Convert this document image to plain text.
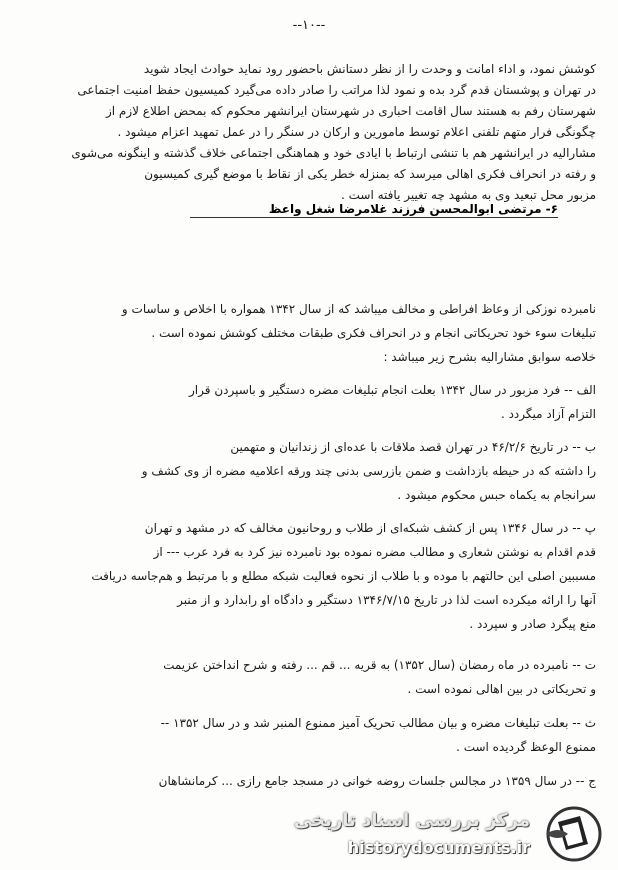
--۱۰--
کوشش نمود، و اداء امانت و وحدت را از نظر دستانش باحضور رود نماید حوادث ایجاد شوید
در تهران و پوشستان قدم گرد بده و نمود لذا مراتب را صادر داده می‌گیرد کمیسیون حفظ امنیت اجتماعی
شهرستان رفم به هستند سال اقامت احباری در شهرستان ایرانشهر محکوم که بمحض اطلاع لازم از
چگونگی فرار متهم تلفنی اعلام توسط مامورین و ارکان در سنگر را در عمل تمهید اعزام میشود .
مشارالیه در ایرانشهر هم با تنشی ارتباط با ایادی خود و هماهنگی اجتماعی خلاف گذشته و اینگونه می‌شوی
و رفته در انحراف فکری اهالی میرسد که بمنزله خطر یکی از نقاط با موضع گیری کمیسیون
مزبور محل تبعید وی به مشهد چه تغییر یافته است .
نامبرده نوزکی از وعاظ افراطی و مخالف میباشد که از سال ۱۳۴۲ همواره با اخلاص و ساسات و
تبلیغات سوء خود تحریکاتی انجام و در انحراف فکری طبقات مختلف کوشش نموده است .
خلاصه سوابق مشارالیه بشرح زیر میباشد :
الف -- فرد مزبور در سال ۱۳۴۲ بعلت انجام تبلیغات مضره دستگیر و باسپردن قرار
التزام آزاد میگردد .
ب -- در تاریخ ۴۶/۲/۶ در تهران قصد ملاقات با عده‌ای از زندانیان و متهمین
را داشته که در حیطه بازداشت و ضمن بازرسی بدنی چند ورقه اعلامیه مضره از وی کشف و
سرانجام به یکماه حبس محکوم میشود .
پ -- در سال ۱۳۴۶ پس از کشف شبکه‌ای از طلاب و روحانیون مخالف که در مشهد و تهران
قدم اقدام به نوشتن شعاری و مطالب مضره نموده بود نامبرده نیز کرد به فرد عرب --- از
مسببین اصلی این حالتهم با موده و با طلاب از نحوه فعالیت شبکه مطلع و با مرتبط و هم‌جاسه دریافت
آنها را ارائه میکرده است لذا در تاریخ ۱۳۴۶/۷/۱۵ دستگیر و دادگاه او رابدارد و از منبر
منع پیگرد صادر و سپردد .
ت -- نامبرده در ماه رمضان (سال ۱۳۵۲) به قریه ... قم ... رفته و شرح انداختن عزیمت
و تحریکاتی در بین اهالی نموده است .
ث -- بعلت تبلیغات مضره و بیان مطالب تحریک آمیز ممنوع المنبر شد و در سال ۱۳۵۲ --
ممنوع الوعظ گردیده است .
ج -- در سال ۱۳۵۹ در مجالس جلسات روضه خوانی در مسجد جامع رازی ... کرمانشاهان
۶- مرتضی ابوالمحسن فرزند غلامرضا شغل واعظ
مرکز بررسی اسناد تاریخی
historydocuments.ir
